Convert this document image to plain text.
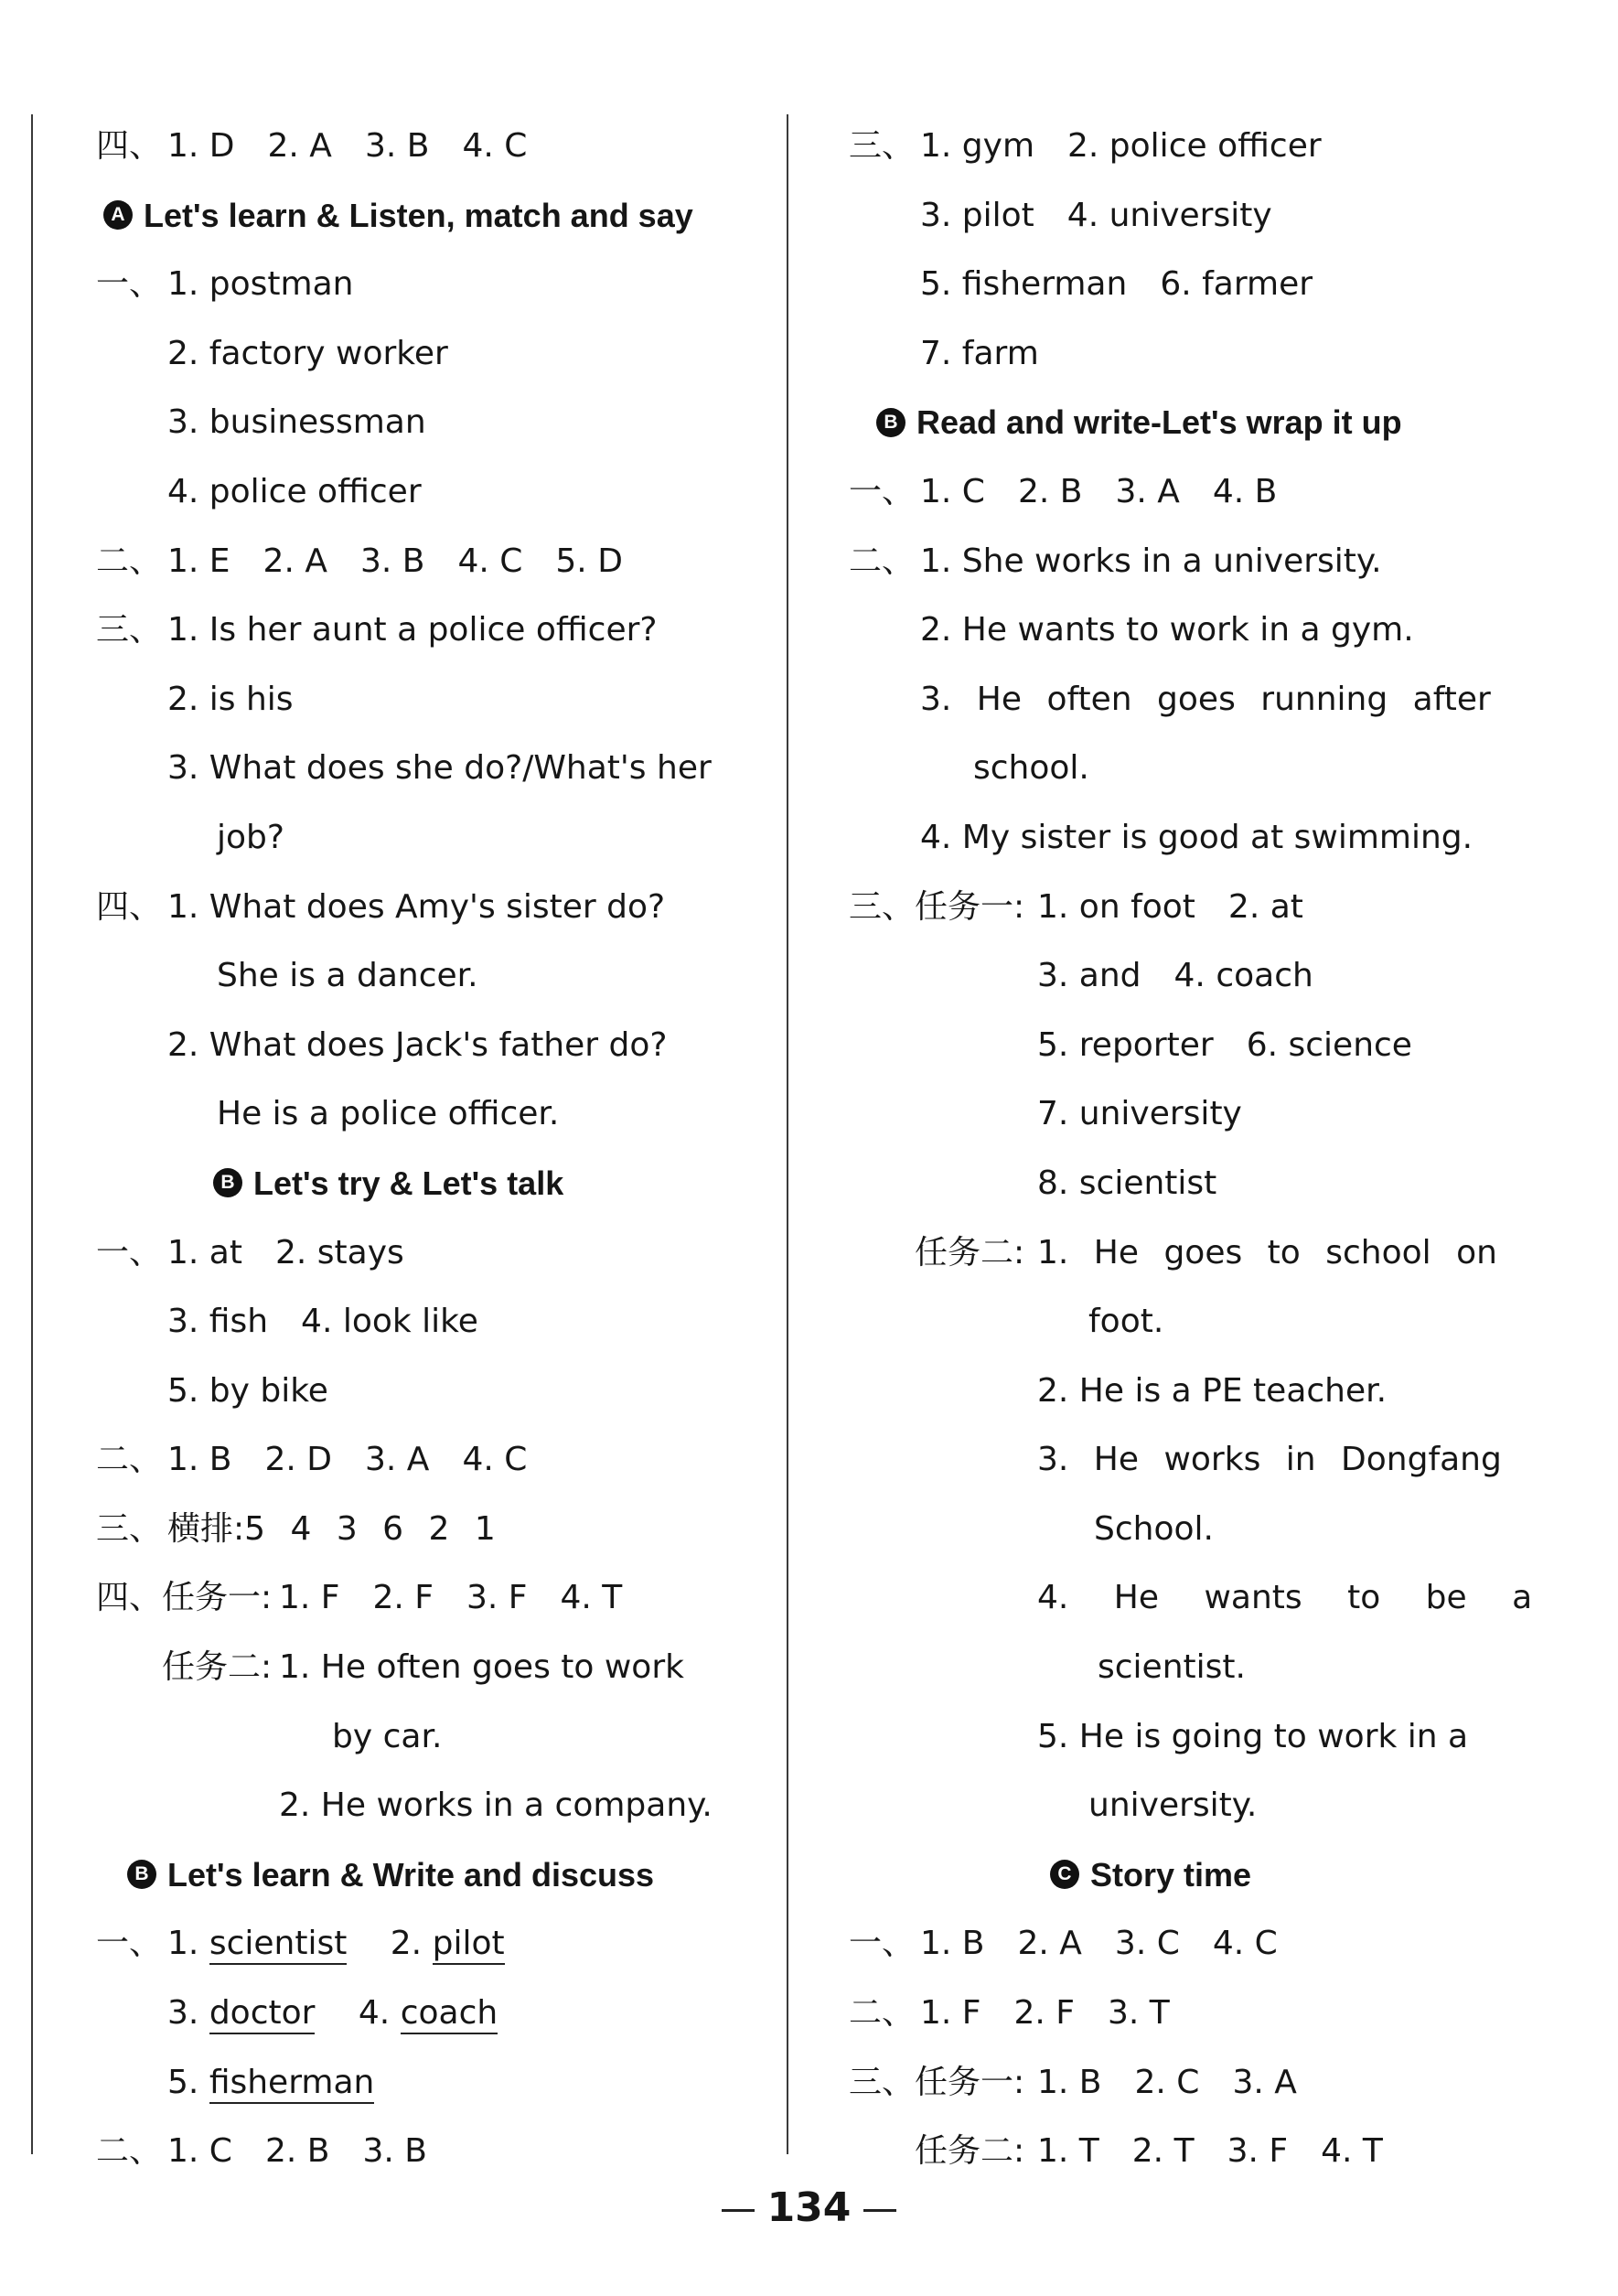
四、 1. D 2. A 3. B 4. C
A Let's learn & Listen, match and say
一、 1. postman
2. factory worker
3. businessman
4. police officer
二、 1. E 2. A 3. B 4. C 5. D
三、 1. Is her aunt a police officer?
2. is his
3. What does she do?/What's her
job?
四、 1. What does Amy's sister do?
She is a dancer.
2. What does Jack's father do?
He is a police officer.
B Let's try & Let's talk
一、 1. at 2. stays
3. fish 4. look like
5. by bike
二、 1. B 2. D 3. A 4. C
三、 横排:5 4 3 6 2 1
四、 任务一: 1. F 2. F 3. F 4. T
任务二: 1. He often goes to work
by car.
2. He works in a company.
B Let's learn & Write and discuss
一、 1. scientist 2. pilot
3. doctor 4. coach
5. fisherman
二、 1. C 2. B 3. B
三、 1. gym 2. police officer
3. pilot 4. university
5. fisherman 6. farmer
7. farm
B Read and write-Let's wrap it up
一、 1. C 2. B 3. A 4. B
二、 1. She works in a university.
2. He wants to work in a gym.
3. He often goes running after
school.
4. My sister is good at swimming.
三、 任务一: 1. on foot 2. at
3. and 4. coach
5. reporter 6. science
7. university
8. scientist
任务二: 1. He goes to school on
foot.
2. He is a PE teacher.
3. He works in Dongfang
School.
4. He wants to be a
scientist.
5. He is going to work in a
university.
C Story time
一、 1. B 2. A 3. C 4. C
二、 1. F 2. F 3. T
三、 任务一: 1. B 2. C 3. A
任务二: 1. T 2. T 3. F 4. T
134
